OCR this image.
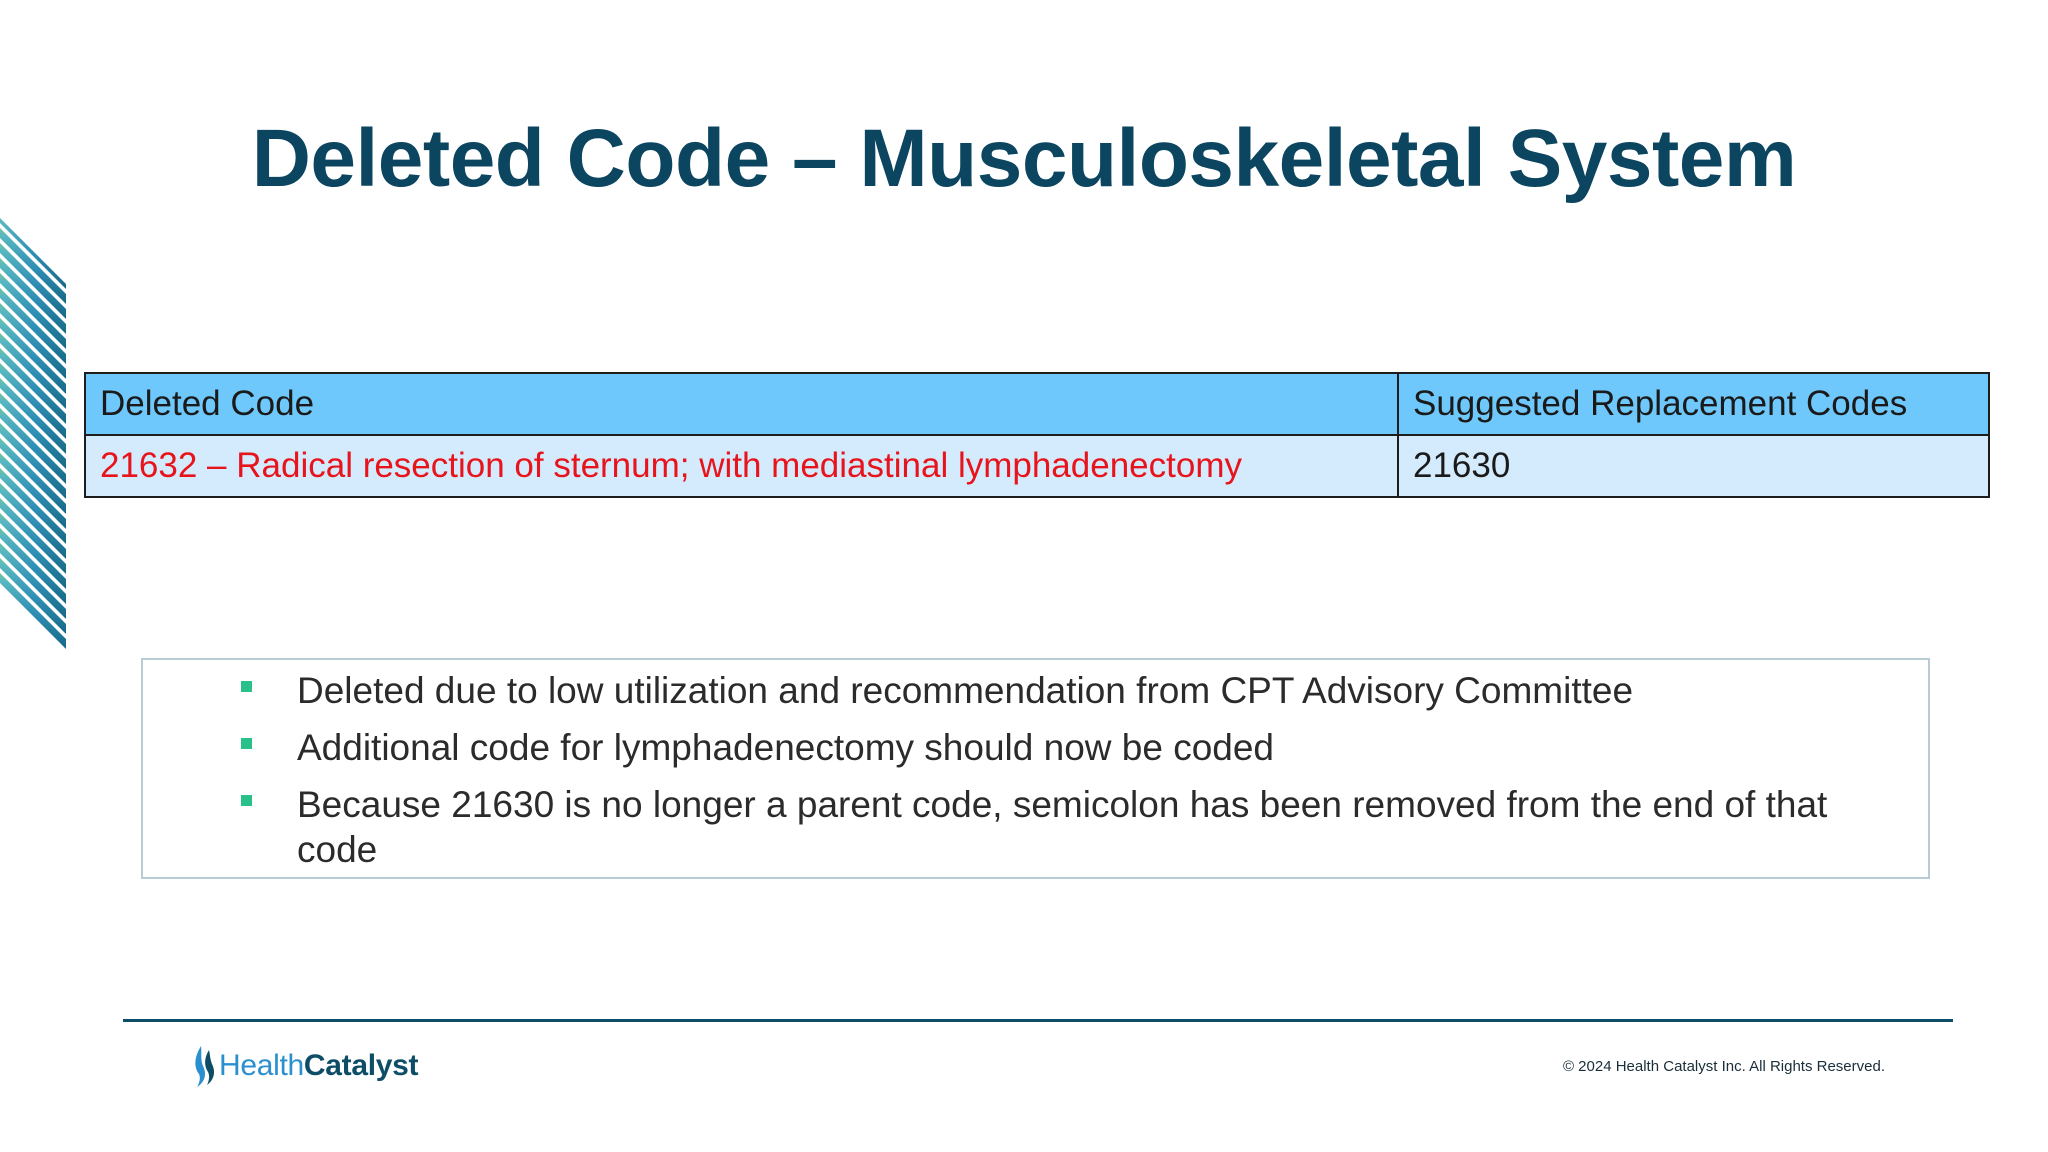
Deleted Code – Musculoskeletal System
Deleted Code	Suggested Replacement Codes
21632 – Radical resection of sternum; with mediastinal lymphadenectomy	21630
Deleted due to low utilization and recommendation from CPT Advisory Committee
Additional code for lymphadenectomy should now be coded
Because 21630 is no longer a parent code, semicolon has been removed from the end of that code
HealthCatalyst	© 2024 Health Catalyst Inc. All Rights Reserved.
